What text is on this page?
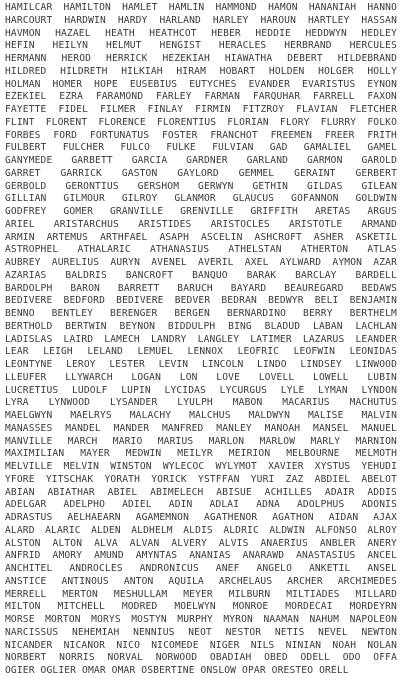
HAMILCAR HAMILTON HAMLET HAMLIN HAMMOND HAMON HANANIAH HANNO
HARCOURT HARDWIN HARDY HARLAND HARLEY HAROUN HARTLEY HASSAN
HAVMON HAZAEL HEATH HEATHCOT HEBER HEDDIE HEDDWYN HEDLEY
HEFIN HEILYN HELMUT HENGIST HERACLES HERBRAND HERCULES
HERMANN HEROD HERRICK HEZEKIAH HIAWATHA DEBERT HILDEBRAND
HILDRED HILDRETH HILKIAH HIRAM HOBART HOLDEN HOLGER HOLLY
HOLMAN HOMER HOPE EUSEBIUS EUTYCHES EVANDER EVARISTUS EYNON
EZEKIEL EZRA FARAMOND FARLEY FARMAN FARQUHAR FARRELL FAXON
FAYETTE FIDEL FILMER FINLAY FIRMIN FITZROY FLAVIAN FLETCHER
FLINT FLORENT FLORENCE FLORENTIUS FLORIAN FLORY FLURRY FOLKO
FORBES FORD FORTUNATUS FOSTER FRANCHOT FREEMEN FREER FRITH
FULBERT FULCHER FULCO FULKE FULVIAN GAD GAMALIEL GAMEL
GANYMEDE GARBETT GARCIA GARDNER GARLAND GARMON GAROLD
GARRET GARRICK GASTON GAYLORD GEMMEL GERAINT GERBERT
GERBOLD GERONTIUS GERSHOM GERWYN GETHIN GILDAS GILEAN
GILLIAN GILMOUR GILROY GLANMOR GLAUCUS GOFANNON GOLDWIN
GODFREY GOMER GRANVILLE GRENVILLE GRIFFITH ARETAS ARGUS
ARIEL ARISTARCHUS ARISTIDES ARISTOCLES ARISTOTLE ARMAND
ARMIN ARTEMUS ARTHFAEL ASAPH ASCELIN ASHCROFT ASHER ASKETIL
ASTROPHEL ATHALARIC ATHANASIUS ATHELSTAN ATHERTON ATLAS
AUBREY AURELIUS AURYN AVENEL AVERIL AXEL AYLWARD AYMON AZAR
AZARIAS BALDRIS BANCROFT BANQUO BARAK BARCLAY BARDELL
BARDOLPH BARON BARRETT BARUCH BAYARD BEAUREGARD BEDAWS
BEDIVERE BEDFORD BEDIVERE BEDVER BEDRAN BEDWYR BELI BENJAMIN
BENNO BENTLEY BERENGER BERGEN BERNARDINO BERRY BERTHELM
BERTHOLD BERTWIN BEYNON BIDDULPH BING BLADUD LABAN LACHLAN
LADISLAS LAIRD LAMECH LANDRY LANGLEY LATIMER LAZARUS LEANDER
LEAR LEIGH LELAND LEMUEL LENNOX LEOFRIC LEOFWIN LEONIDAS
LEONTYNE LEROY LESTER LEVIN LINCOLN LINDO LINDSEY LINWOOD
LLEUFER LLYWARCH LOGAN LON LOVE LOVELL LOWELL LUBIN
LUCRETIUS LUDOLF LUPIN LYCIDAS LYCURGUS LYLE LYMAN LYNDON
LYRA LYNWOOD LYSANDER LYULPH MABON MACARIUS MACHUTUS
MAELGWYN MAELRYS MALACHY MALCHUS MALDWYN MALISE MALVIN
MANASSES MANDEL MANDER MANFRED MANLEY MANOAH MANSEL MANUEL
MANVILLE MARCH MARIO MARIUS MARLON MARLOW MARLY MARNION
MAXIMILIAN MAYER MEDWIN MEILYR MEIRION MELBOURNE MELMOTH
MELVILLE MELVIN WINSTON WYLECOC WYLYMOT XAVIER XYSTUS YEHUDI
YFORE YITSCHAK YORATH YORICK YSTFFAN YURI ZAZ ABDIEL ABELOT
ABIAN ABIATHAR ABIEL ABIMELECH ABISUE ACHILLES ADAIR ADDIS
ADELGAR ADELPHO ADIEL ADIN ADLAI ADNA ADOLPHUS ADONIS
ADRASTUS AELHAEARN AGAMEMNON AGATHENOR AGATHON AIDAN AJAX
ALARD ALARIC ALDEN ALDHELM ALDIS ALDRIC ALDWIN ALFONSO ALROY
ALSTON ALTON ALVA ALVAN ALVERY ALVIS ANAERIUS ANBLER ANERY
ANFRID AMORY AMUND AMYNTAS ANANIAS ANARAWD ANASTASIUS ANCEL
ANCHITEL ANDROCLES ANDRONICUS ANEF ANGELO ANKETIL ANSEL
ANSTICE ANTINOUS ANTON AQUILA ARCHELAUS ARCHER ARCHIMEDES
MERRELL MERTON MESHULLAM MEYER MILBURN MILTIADES MILLARD
MILTON MITCHELL MODRED MOELWYN MONROE MORDECAI MORDEYRN
MORSE MORTON MORYS MOSTYN MURPHY MYRON NAAMAN NAHUM NAPOLEON
NARCISSUS NEHEMIAH NENNIUS NEOT NESTOR NETIS NEVEL NEWTON
NICANDER NICANOR NICO NICOMEDE NIGER NILS NINIAN NOAH NOLAN
NORBERT NORRIS NORVAL NORWOOD OBADIAH OBED ODELL ODO OFFA
OGIER OGLIER OMAR OMAR OSBERTINE ONSLOW OPAR ORESTEO ORELL
